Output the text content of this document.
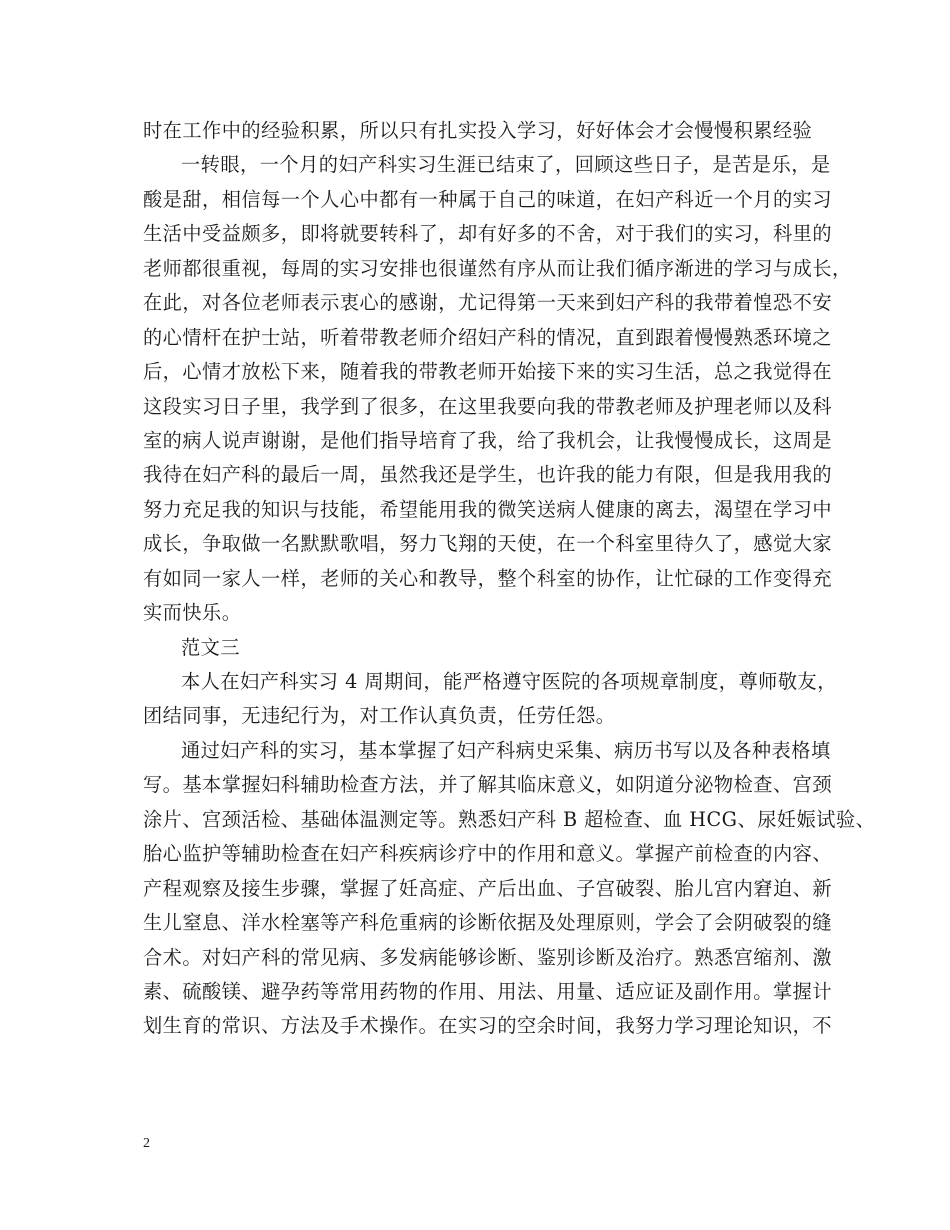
时在工作中的经验积累，所以只有扎实投入学习，好好体会才会慢慢积累经验
一转眼，一个月的妇产科实习生涯已结束了，回顾这些日子，是苦是乐，是
酸是甜，相信每一个人心中都有一种属于自己的味道，在妇产科近一个月的实习
生活中受益颇多，即将就要转科了，却有好多的不舍，对于我们的实习，科里的
老师都很重视，每周的实习安排也很谨然有序从而让我们循序渐进的学习与成长，
在此，对各位老师表示衷心的感谢，尤记得第一天来到妇产科的我带着惶恐不安
的心情杆在护士站，听着带教老师介绍妇产科的情况，直到跟着慢慢熟悉环境之
后，心情才放松下来，随着我的带教老师开始接下来的实习生活，总之我觉得在
这段实习日子里，我学到了很多，在这里我要向我的带教老师及护理老师以及科
室的病人说声谢谢，是他们指导培育了我，给了我机会，让我慢慢成长，这周是
我待在妇产科的最后一周，虽然我还是学生，也许我的能力有限，但是我用我的
努力充足我的知识与技能，希望能用我的微笑送病人健康的离去，渴望在学习中
成长，争取做一名默默歌唱，努力飞翔的天使，在一个科室里待久了，感觉大家
有如同一家人一样，老师的关心和教导，整个科室的协作，让忙碌的工作变得充
实而快乐。
范文三
本人在妇产科实习 4 周期间，能严格遵守医院的各项规章制度，尊师敬友，
团结同事，无违纪行为，对工作认真负责，任劳任怨。
通过妇产科的实习，基本掌握了妇产科病史采集、病历书写以及各种表格填
写。基本掌握妇科辅助检查方法，并了解其临床意义，如阴道分泌物检查、宫颈
涂片、宫颈活检、基础体温测定等。熟悉妇产科 B 超检查、血 HCG、尿妊娠试验、
胎心监护等辅助检查在妇产科疾病诊疗中的作用和意义。掌握产前检查的内容、
产程观察及接生步骤，掌握了妊高症、产后出血、子宫破裂、胎儿宫内窘迫、新
生儿窒息、洋水栓塞等产科危重病的诊断依据及处理原则，学会了会阴破裂的缝
合术。对妇产科的常见病、多发病能够诊断、鉴别诊断及治疗。熟悉宫缩剂、激
素、硫酸镁、避孕药等常用药物的作用、用法、用量、适应证及副作用。掌握计
划生育的常识、方法及手术操作。在实习的空余时间，我努力学习理论知识，不
2
